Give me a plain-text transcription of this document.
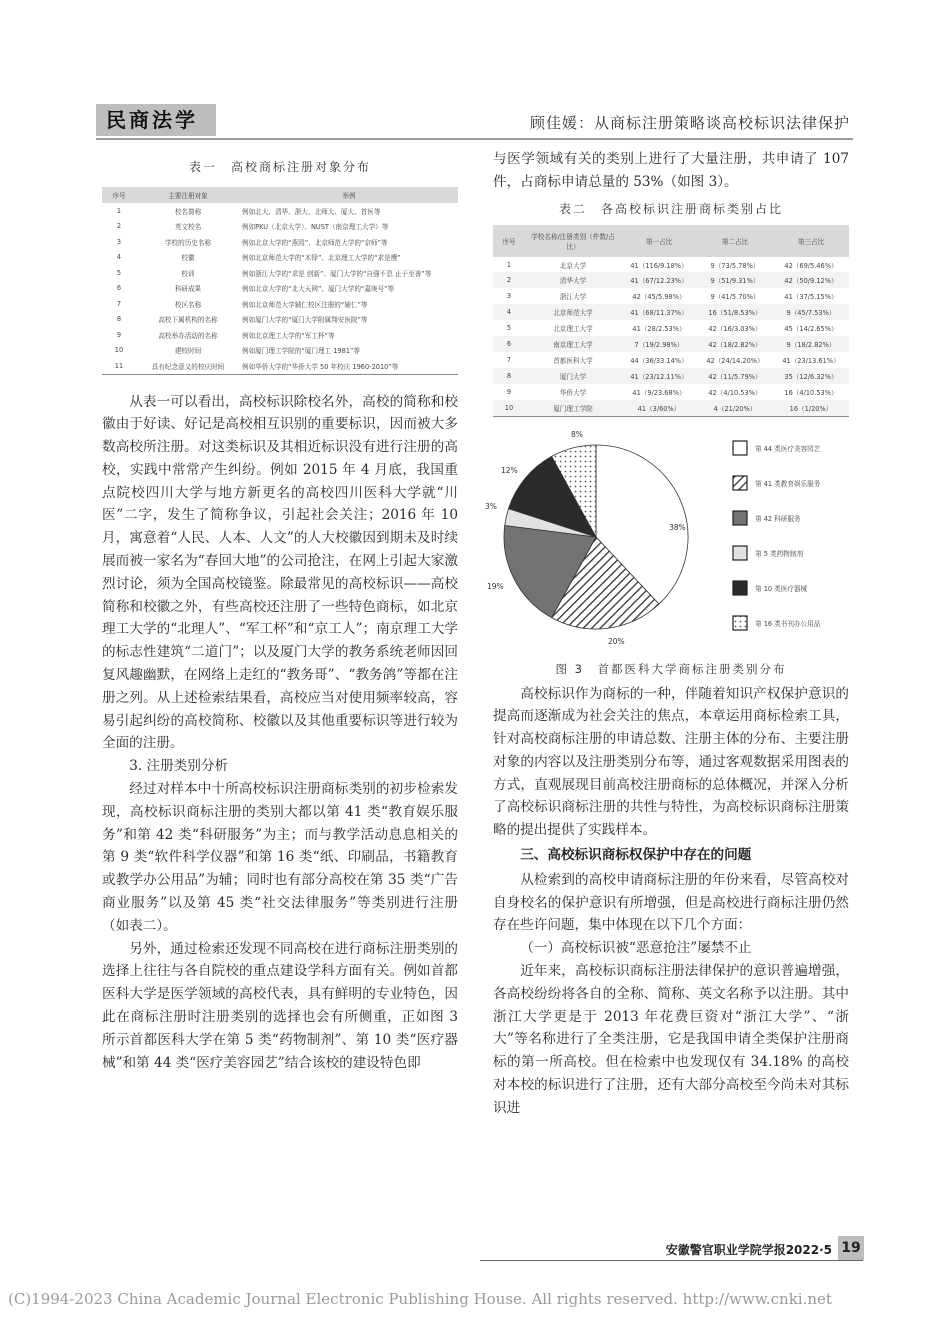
民商法学	顾佳媛：从商标注册策略谈高校标识法律保护
表一　高校商标注册对象分布
序号	主要注册对象	举例
1	校名简称	例如北大、清华、浙大、北师大、厦大、首医等
2	英文校名	例如PKU（北京大学）、NUST（南京理工大学）等
3	学校的历史名称	例如北京大学的“燕园”、北京师范大学的“京师”等
4	校徽	例如北京师范大学的“木铎”、北京理工大学的“求是鹰”
5	校训	例如浙江大学的“求是 创新”、厦门大学的“自强不息 止于至善”等
6	科研成果	例如北京大学的“北大天网”、厦门大学的“嘉庚号”等
7	校区名称	例如北京师范大学辅仁校区注册的“辅仁”等
8	高校下属机构的名称	例如厦门大学的“厦门大学附属翔安医院”等
9	高校举办活动的名称	例如北京理工大学的“军工杯”等
10	建校时间	例如厦门理工学院的“厦门理工 1981”等
11	具有纪念意义的校庆时间	例如华侨大学的“华侨大学 50 年校庆 1960-2010”等

从表一可以看出，高校标识除校名外，高校的简称和校徽由于好读、好记是高校相互识别的重要标识，因而被大多数高校所注册。对这类标识及其相近标识没有进行注册的高校，实践中常常产生纠纷。例如 2015 年 4 月底，我国重点院校四川大学与地方新更名的高校四川医科大学就“川医”二字，发生了简称争议，引起社会关注；2016 年 10 月，寓意着“人民、人本、人文”的人大校徽因到期未及时续展而被一家名为“春回大地”的公司抢注，在网上引起大家激烈讨论，须为全国高校镜鉴。除最常见的高校标识——高校简称和校徽之外，有些高校还注册了一些特色商标，如北京理工大学的“北理人”、“军工杯”和“京工人”；南京理工大学的标志性建筑“二道门”；以及厦门大学的教务系统老师因回复风趣幽默，在网络上走红的“教务哥”、“教务鸽”等都在注册之列。从上述检索结果看，高校应当对使用频率较高，容易引起纠纷的高校简称、校徽以及其他重要标识等进行较为全面的注册。

3. 注册类别分析

经过对样本中十所高校标识注册商标类别的初步检索发现，高校标识商标注册的类别大都以第 41 类“教育娱乐服务”和第 42 类“科研服务”为主；而与教学活动息息相关的第 9 类“软件科学仪器”和第 16 类“纸、印刷品，书籍教育或教学办公用品”为辅；同时也有部分高校在第 35 类“广告商业服务”以及第 45 类“社交法律服务”等类别进行注册（如表二）。

另外，通过检索还发现不同高校在进行商标注册类别的选择上往往与各自院校的重点建设学科方面有关。例如首都医科大学是医学领域的高校代表，具有鲜明的专业特色，因此在商标注册时注册类别的选择也会有所侧重，正如图 3 所示首都医科大学在第 5 类“药物制剂”、第 10 类“医疗器械”和第 44 类“医疗美容园艺”结合该校的建设特色即

与医学领域有关的类别上进行了大量注册，共申请了 107 件，占商标申请总量的 53%（如图 3）。

表二　各高校标识注册商标类别占比
序号	学校名称/注册类别（件数/占比）	第一占比	第二占比	第三占比
1	北京大学	41（116/9.18%）	9（73/5.78%）	42（69/5.46%）
2	清华大学	41（67/12.23%）	9（51/9.31%）	42（50/9.12%）
3	浙江大学	42（45/5.98%）	9（41/5.70%）	41（37/5.15%）
4	北京师范大学	41（68/11.37%）	16（51/8.53%）	9（45/7.53%）
5	北京理工大学	41（28/2.53%）	42（16/3.03%）	45（14/2.65%）
6	南京理工大学	7（19/2.98%）	42（18/2.82%）	9（18/2.82%）
7	首都医科大学	44（36/33.14%）	42（24/14.20%）	41（23/13.61%）
8	厦门大学	41（23/12.11%）	42（11/5.79%）	35（12/6.32%）
9	华侨大学	41（9/23.68%）	42（4/10.53%）	16（4/10.53%）
10	厦门理工学院	41（3/60%）	4（21/20%）	16（1/20%）
38%
20%
19%
3%
12%
8%
第 44 类医疗美容园艺
第 41 类教育娱乐服务
第 42 科研服务
第 5 类药物制剂
第 10 类医疗器械
第 16 类书刊办公用品
图 3　首都医科大学商标注册类别分布

高校标识作为商标的一种，伴随着知识产权保护意识的提高而逐渐成为社会关注的焦点，本章运用商标检索工具，针对高校商标注册的申请总数、注册主体的分布、主要注册对象的内容以及注册类别分布等，通过客观数据采用图表的方式，直观展现目前高校注册商标的总体概况，并深入分析了高校标识商标注册的共性与特性，为高校标识商标注册策略的提出提供了实践样本。

三、高校标识商标权保护中存在的问题

从检索到的高校申请商标注册的年份来看，尽管高校对自身校名的保护意识有所增强，但是高校进行商标注册仍然存在些许问题，集中体现在以下几个方面：

（一）高校标识被“恶意抢注”屡禁不止

近年来，高校标识商标注册法律保护的意识普遍增强，各高校纷纷将各自的全称、简称、英文名称予以注册。其中浙江大学更是于 2013 年花费巨资对“浙江大学”、“浙大”等名称进行了全类注册，它是我国申请全类保护注册商标的第一所高校。但在检索中也发现仅有 34.18% 的高校对本校的标识进行了注册，还有大部分高校至今尚未对其标识进

安徽警官职业学院学报2022·5 19
(C)1994-2023 China Academic Journal Electronic Publishing House. All rights reserved. http://www.cnki.net
